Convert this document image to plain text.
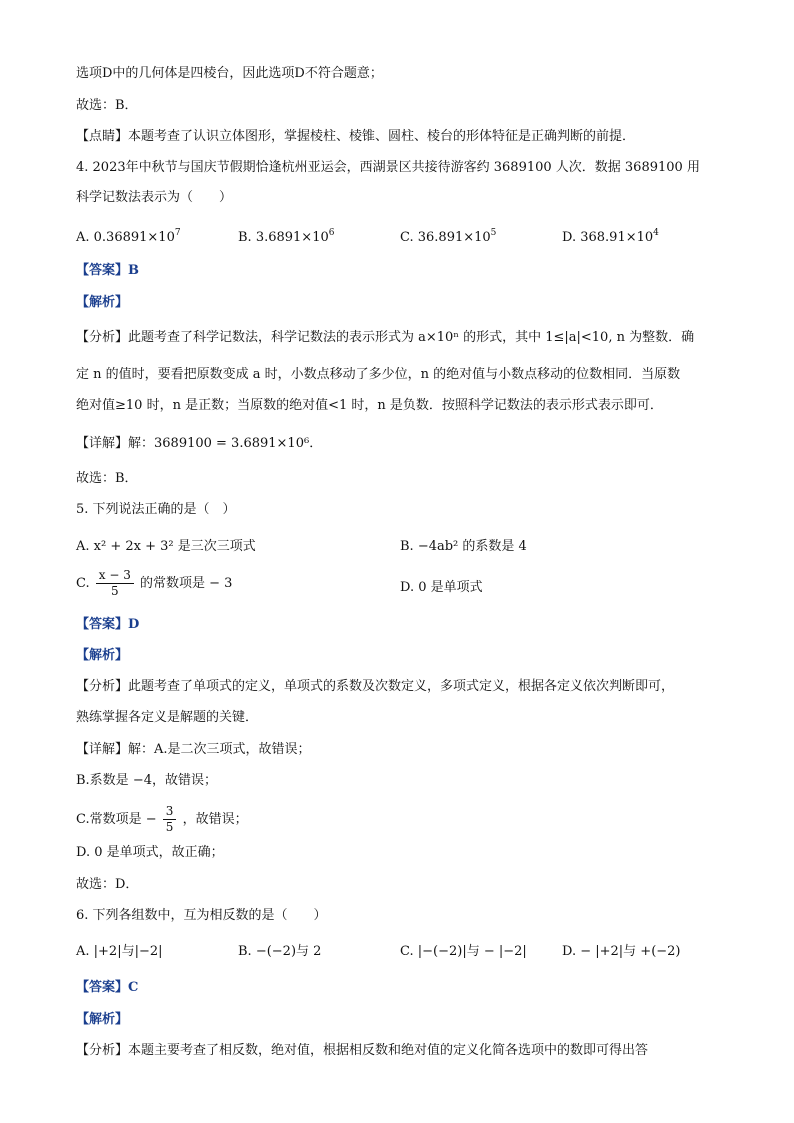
选项D中的几何体是四棱台，因此选项D不符合题意；
故选：B．
【点睛】本题考查了认识立体图形，掌握棱柱、棱锥、圆柱、棱台的形体特征是正确判断的前提．
4. 2023年中秋节与国庆节假期恰逢杭州亚运会，西湖景区共接待游客约 3689100 人次．数据 3689100 用
科学记数法表示为（　　）
A. $0.36891\times 10^7$	B. $3.6891\times 10^6$	C. $36.891\times 10^5$	D. $368.91\times 10^4$
【答案】B
【解析】
【分析】此题考查了科学记数法，科学记数法的表示形式为 a×10ⁿ 的形式，其中 1≤|a|<10, n 为整数．确
定 n 的值时，要看把原数变成 a 时，小数点移动了多少位，n 的绝对值与小数点移动的位数相同．当原数
绝对值≥10 时，n 是正数；当原数的绝对值<1 时，n 是负数．按照科学记数法的表示形式表示即可．
【详解】解：3689100 = 3.6891×10⁶．
故选：B．
5. 下列说法正确的是（　）
A. x² + 2x + 3² 是三次三项式	B. −4ab² 的系数是 4
C. $\frac{x - 3}{5}$ 的常数项是 − 3	D. 0 是单项式
【答案】D
【解析】
【分析】此题考查了单项式的定义，单项式的系数及次数定义，多项式定义，根据各定义依次判断即可，
熟练掌握各定义是解题的关键．
【详解】解：A.是二次三项式，故错误；
B.系数是 −4，故错误；
C.常数项是 − $\frac{3}{5}$ ，故错误；
D. 0 是单项式，故正确；
故选：D．
6. 下列各组数中，互为相反数的是（　　）
A. |+2|与|−2|	B. −(−2)与 2	C. |−(−2)|与 − |−2|	D. − |+2|与 +(−2)
【答案】C
【解析】
【分析】本题主要考查了相反数，绝对值，根据相反数和绝对值的定义化简各选项中的数即可得出答
